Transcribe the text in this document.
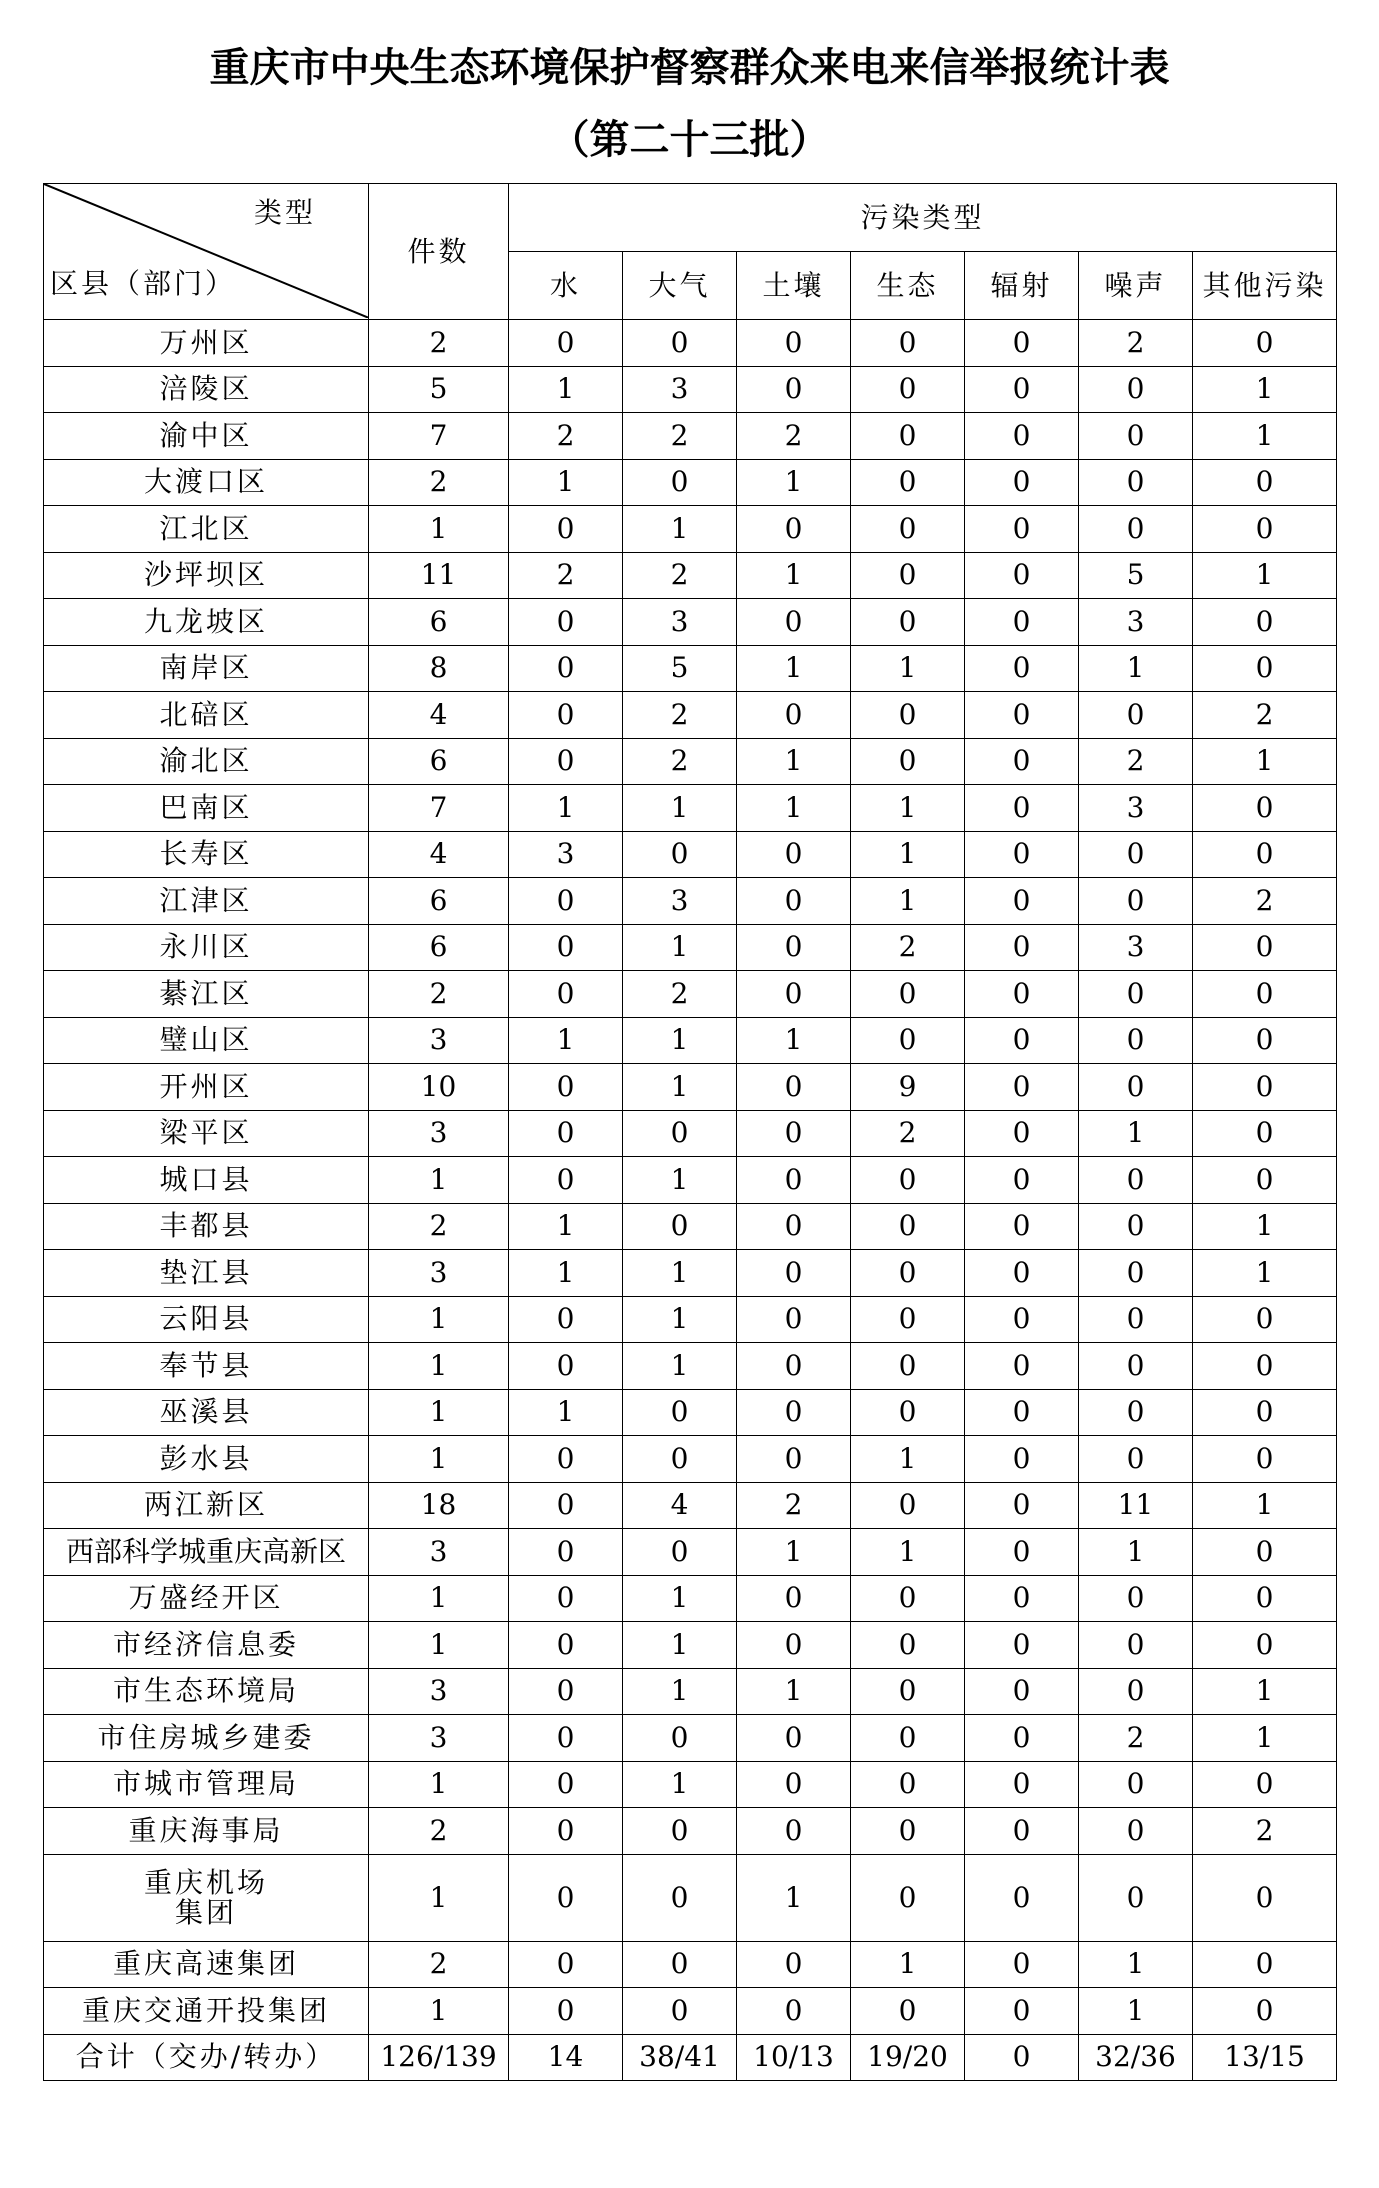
重庆市中央生态环境保护督察群众来电来信举报统计表
（第二十三批）
类型
区县（部门）	件数	污染类型						
		水	大气	土壤	生态	辐射	噪声	其他污染
万州区	2	0	0	0	0	0	2	0
涪陵区	5	1	3	0	0	0	0	1
渝中区	7	2	2	2	0	0	0	1
大渡口区	2	1	0	1	0	0	0	0
江北区	1	0	1	0	0	0	0	0
沙坪坝区	11	2	2	1	0	0	5	1
九龙坡区	6	0	3	0	0	0	3	0
南岸区	8	0	5	1	1	0	1	0
北碚区	4	0	2	0	0	0	0	2
渝北区	6	0	2	1	0	0	2	1
巴南区	7	1	1	1	1	0	3	0
长寿区	4	3	0	0	1	0	0	0
江津区	6	0	3	0	1	0	0	2
永川区	6	0	1	0	2	0	3	0
綦江区	2	0	2	0	0	0	0	0
璧山区	3	1	1	1	0	0	0	0
开州区	10	0	1	0	9	0	0	0
梁平区	3	0	0	0	2	0	1	0
城口县	1	0	1	0	0	0	0	0
丰都县	2	1	0	0	0	0	0	1
垫江县	3	1	1	0	0	0	0	1
云阳县	1	0	1	0	0	0	0	0
奉节县	1	0	1	0	0	0	0	0
巫溪县	1	1	0	0	0	0	0	0
彭水县	1	0	0	0	1	0	0	0
两江新区	18	0	4	2	0	0	11	1
西部科学城重庆高新区	3	0	0	1	1	0	1	0
万盛经开区	1	0	1	0	0	0	0	0
市经济信息委	1	0	1	0	0	0	0	0
市生态环境局	3	0	1	1	0	0	0	1
市住房城乡建委	3	0	0	0	0	0	2	1
市城市管理局	1	0	1	0	0	0	0	0
重庆海事局	2	0	0	0	0	0	0	2

重庆机场
集团	1	0	0	1	0	0	0	0
重庆高速集团	2	0	0	0	1	0	1	0
重庆交通开投集团	1	0	0	0	0	0	1	0
合计（交办/转办）	126/139	14	38/41	10/13	19/20	0	32/36	13/15
